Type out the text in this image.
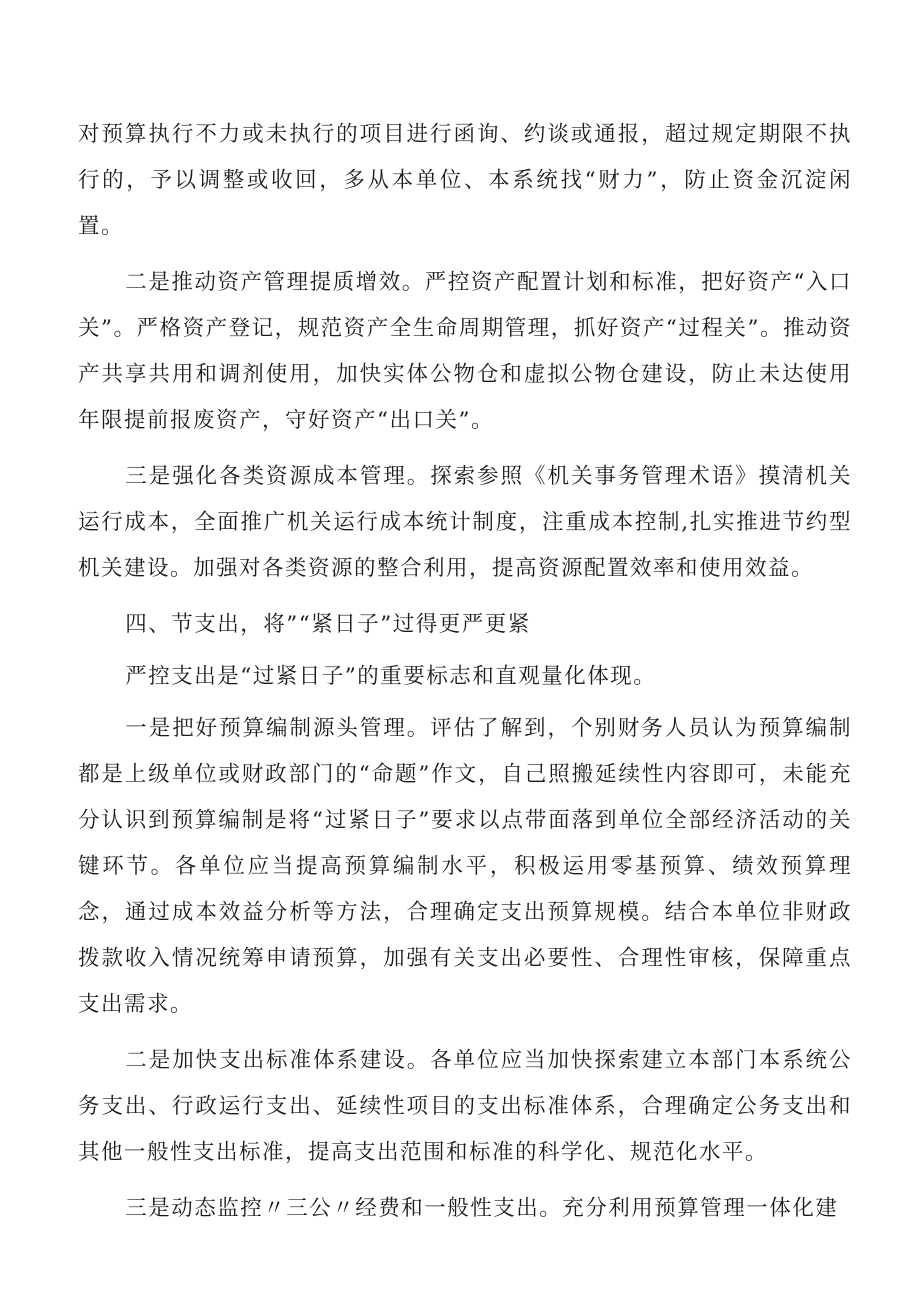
对预算执行不力或未执行的项目进行函询、约谈或通报，超过规定期限不执行的，予以调整或收回，多从本单位、本系统找“财力”，防止资金沉淀闲置。

二是推动资产管理提质增效。严控资产配置计划和标准，把好资产“入口关”。严格资产登记，规范资产全生命周期管理，抓好资产“过程关”。推动资产共享共用和调剂使用，加快实体公物仓和虚拟公物仓建设，防止未达使用年限提前报废资产，守好资产“出口关”。

三是强化各类资源成本管理。探索参照《机关事务管理术语》摸清机关运行成本，全面推广机关运行成本统计制度，注重成本控制,扎实推进节约型机关建设。加强对各类资源的整合利用，提高资源配置效率和使用效益。

四、节支出，将”“紧日子”过得更严更紧

严控支出是“过紧日子”的重要标志和直观量化体现。

一是把好预算编制源头管理。评估了解到，个别财务人员认为预算编制都是上级单位或财政部门的“命题”作文，自己照搬延续性内容即可，未能充分认识到预算编制是将“过紧日子”要求以点带面落到单位全部经济活动的关键环节。各单位应当提高预算编制水平，积极运用零基预算、绩效预算理念，通过成本效益分析等方法，合理确定支出预算规模。结合本单位非财政拨款收入情况统筹申请预算，加强有关支出必要性、合理性审核，保障重点支出需求。

二是加快支出标准体系建设。各单位应当加快探索建立本部门本系统公务支出、行政运行支出、延续性项目的支出标准体系，合理确定公务支出和其他一般性支出标准，提高支出范围和标准的科学化、规范化水平。

三是动态监控〃三公〃经费和一般性支出。充分利用预算管理一体化建
